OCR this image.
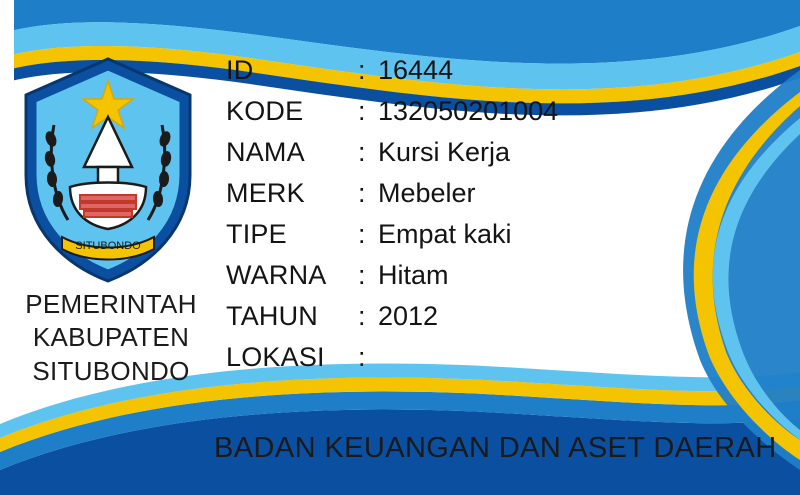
SITUBONDO
PEMERINTAH
KABUPATEN
SITUBONDO
ID	: 16444
KODE	: 132050201004
NAMA	: Kursi Kerja
MERK	: Mebeler
TIPE	: Empat kaki
WARNA	: Hitam
TAHUN	: 2012
LOKASI	:
BADAN KEUANGAN DAN ASET DAERAH
